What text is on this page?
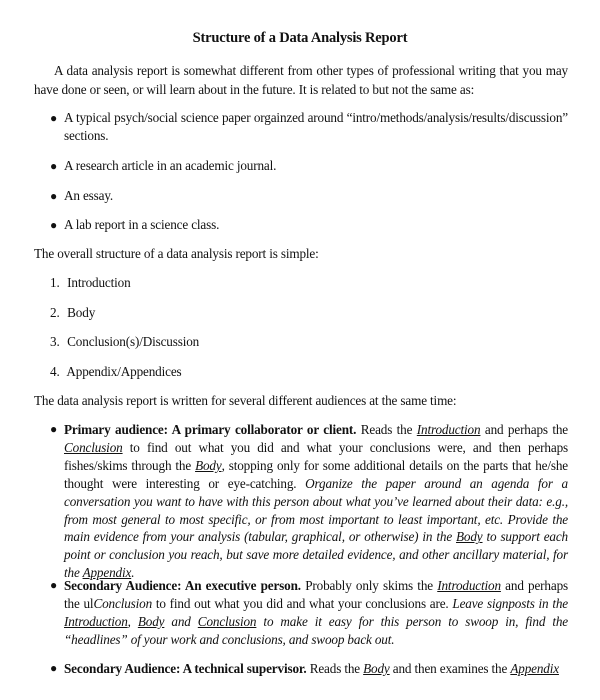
Structure of a Data Analysis Report
A data analysis report is somewhat different from other types of professional writing that you may have done or seen, or will learn about in the future. It is related to but not the same as:
● A typical psych/social science paper orgainzed around “intro/methods/analysis/results/discussion” sections.
● A research article in an academic journal.
● An essay.
● A lab report in a science class.
The overall structure of a data analysis report is simple:
1. Introduction
2. Body
3. Conclusion(s)/Discussion
4. Appendix/Appendices
The data analysis report is written for several different audiences at the same time:
● Primary audience: A primary collaborator or client. Reads the Introduction and perhaps the Conclusion to find out what you did and what your conclusions were, and then perhaps fishes/skims through the Body, stopping only for some additional details on the parts that he/she thought were interesting or eye-catching. Organize the paper around an agenda for a conversation you want to have with this person about what you’ve learned about their data: e.g., from most general to most specific, or from most important to least important, etc. Provide the main evidence from your analysis (tabular, graphical, or otherwise) in the Body to support each point or conclusion you reach, but save more detailed evidence, and other ancillary material, for the Appendix.
● Secondary Audience: An executive person. Probably only skims the Introduction and perhaps the ulConclusion to find out what you did and what your conclusions are. Leave signposts in the Introduction, Body and Conclusion to make it easy for this person to swoop in, find the “headlines” of your work and conclusions, and swoop back out.
● Secondary Audience: A technical supervisor. Reads the Body and then examines the Appendix
